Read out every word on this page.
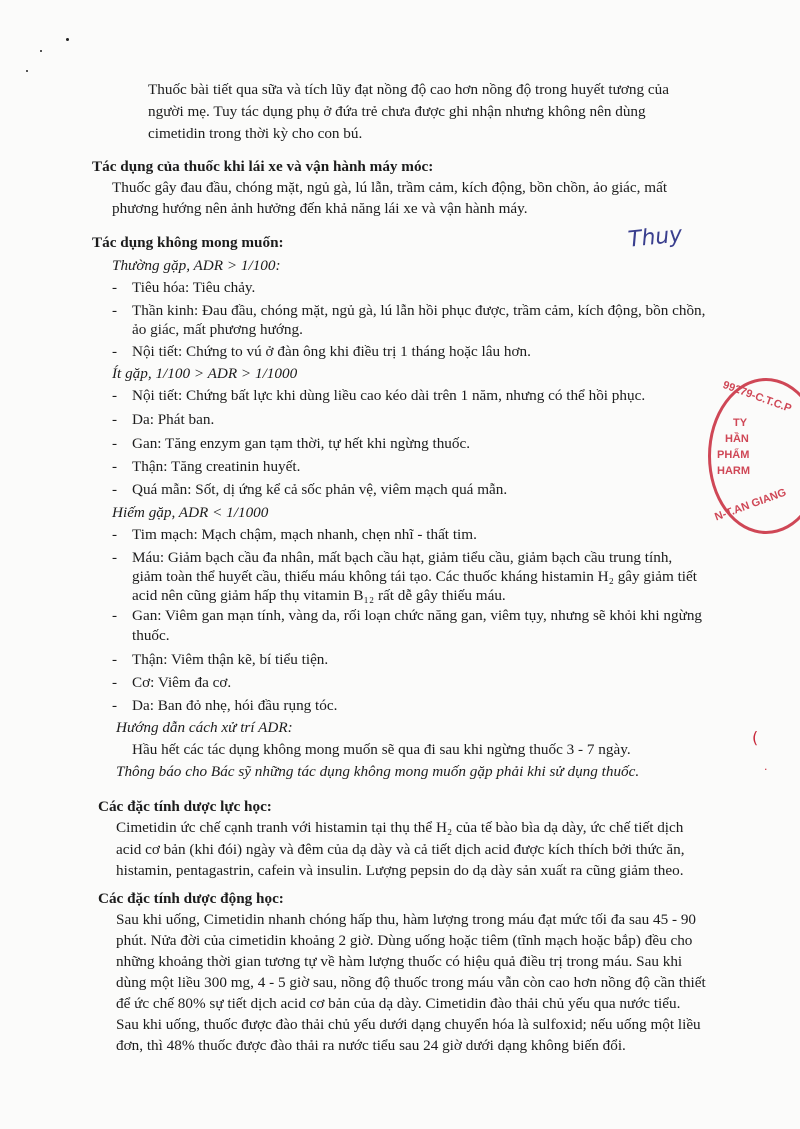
Thuốc bài tiết qua sữa và tích lũy đạt nồng độ cao hơn nồng độ trong huyết tương của
người mẹ. Tuy tác dụng phụ ở đứa trẻ chưa được ghi nhận nhưng không nên dùng
cimetidin trong thời kỳ cho con bú.
Tác dụng của thuốc khi lái xe và vận hành máy móc:
Thuốc gây đau đầu, chóng mặt, ngủ gà, lú lẫn, trầm cảm, kích động, bồn chồn, ảo giác, mất
phương hướng nên ảnh hưởng đến khả năng lái xe và vận hành máy.
Tác dụng không mong muốn:	Thuy
Thường gặp, ADR > 1/100:
- Tiêu hóa: Tiêu chảy.
- Thần kinh: Đau đầu, chóng mặt, ngủ gà, lú lẫn hồi phục được, trầm cảm, kích động, bồn chồn,
ảo giác, mất phương hướng.
- Nội tiết: Chứng to vú ở đàn ông khi điều trị 1 tháng hoặc lâu hơn.
Ít gặp, 1/100 > ADR > 1/1000
- Nội tiết: Chứng bất lực khi dùng liều cao kéo dài trên 1 năm, nhưng có thể hồi phục.
- Da: Phát ban.
- Gan: Tăng enzym gan tạm thời, tự hết khi ngừng thuốc.
- Thận: Tăng creatinin huyết.
- Quá mẫn: Sốt, dị ứng kể cả sốc phản vệ, viêm mạch quá mẫn.
Hiếm gặp, ADR < 1/1000
- Tim mạch: Mạch chậm, mạch nhanh, chẹn nhĩ - thất tim.
- Máu: Giảm bạch cầu đa nhân, mất bạch cầu hạt, giảm tiểu cầu, giảm bạch cầu trung tính,
giảm toàn thể huyết cầu, thiếu máu không tái tạo. Các thuốc kháng histamin H₂ gây giảm tiết
acid nên cũng giảm hấp thụ vitamin B₁₂ rất dễ gây thiếu máu.
- Gan: Viêm gan mạn tính, vàng da, rối loạn chức năng gan, viêm tụy, nhưng sẽ khỏi khi ngừng
thuốc.
- Thận: Viêm thận kẽ, bí tiểu tiện.
- Cơ: Viêm đa cơ.
- Da: Ban đỏ nhẹ, hói đầu rụng tóc.
Hướng dẫn cách xử trí ADR:
Hầu hết các tác dụng không mong muốn sẽ qua đi sau khi ngừng thuốc 3 - 7 ngày.
Thông báo cho Bác sỹ những tác dụng không mong muốn gặp phải khi sử dụng thuốc.
Các đặc tính dược lực học:
Cimetidin ức chế cạnh tranh với histamin tại thụ thể H₂ của tế bào bìa dạ dày, ức chế tiết dịch
acid cơ bản (khi đói) ngày và đêm của dạ dày và cả tiết dịch acid được kích thích bởi thức ăn,
histamin, pentagastrin, cafein và insulin. Lượng pepsin do dạ dày sản xuất ra cũng giảm theo.
Các đặc tính dược động học:
Sau khi uống, Cimetidin nhanh chóng hấp thu, hàm lượng trong máu đạt mức tối đa sau 45 - 90
phút. Nửa đời của cimetidin khoảng 2 giờ. Dùng uống hoặc tiêm (tĩnh mạch hoặc bắp) đều cho
những khoảng thời gian tương tự về hàm lượng thuốc có hiệu quả điều trị trong máu. Sau khi
dùng một liều 300 mg, 4 - 5 giờ sau, nồng độ thuốc trong máu vẫn còn cao hơn nồng độ cần thiết
để ức chế 80% sự tiết dịch acid cơ bản của dạ dày. Cimetidin đào thải chủ yếu qua nước tiểu.
Sau khi uống, thuốc được đào thải chủ yếu dưới dạng chuyển hóa là sulfoxid; nếu uống một liều
đơn, thì 48% thuốc được đào thải ra nước tiểu sau 24 giờ dưới dạng không biến đổi.
99279-C.T.C.P
TY
HẦN
PHẨM
HARM
N-T.AN GIANG
(
.
